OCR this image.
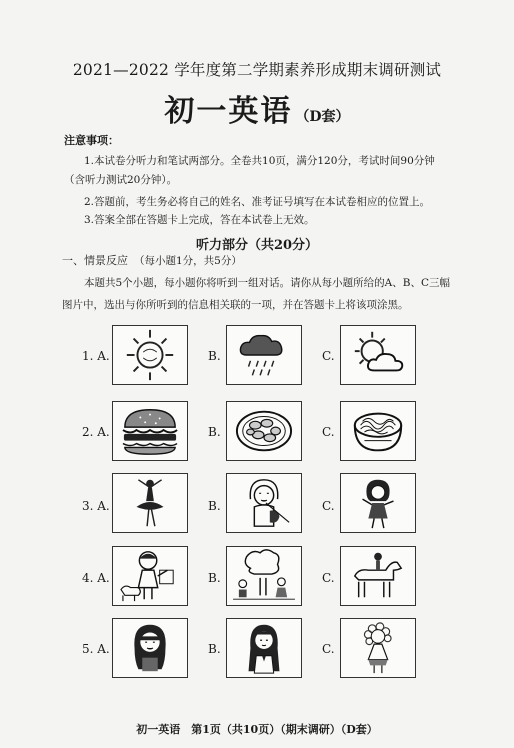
2021—2022 学年度第二学期素养形成期末调研测试
初一英语 （D套）
注意事项：
1.本试卷分听力和笔试两部分。全卷共10页，满分120分，考试时间90分钟（含听力测试20分钟）。
2.答题前，考生务必将自己的姓名、准考证号填写在本试卷相应的位置上。
3.答案全部在答题卡上完成，答在本试卷上无效。
听力部分（共20分）
一、情景反应 （每小题1分，共5分）
本题共5个小题，每小题你将听到一组对话。请你从每小题所给的A、B、C三幅图片中，选出与你所听到的信息相关联的一项，并在答题卡上将该项涂黑。
1. A.	B.	C.
2. A.	B.	C.
3. A.	B.	C.
4. A.	B.	C.
5. A.	B.	C.
初一英语　第1页（共10页）（期末调研）（D套）
